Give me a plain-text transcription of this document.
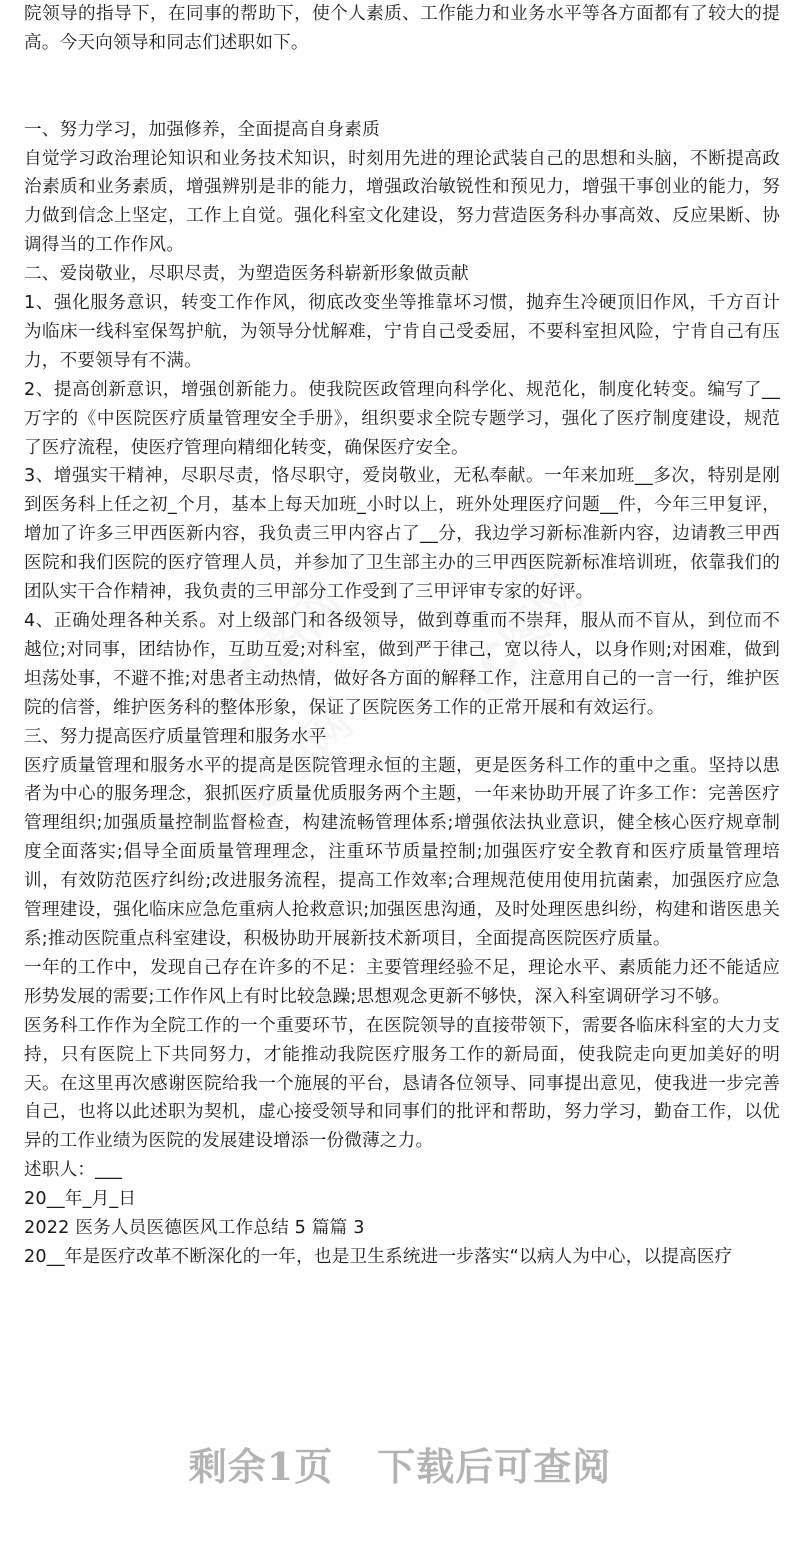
院领导的指导下，在同事的帮助下，使个人素质、工作能力和业务水平等各方面都有了较大的提高。今天向领导和同志们述职如下。

一、努力学习，加强修养，全面提高自身素质

自觉学习政治理论知识和业务技术知识，时刻用先进的理论武装自己的思想和头脑，不断提高政治素质和业务素质，增强辨别是非的能力，增强政治敏锐性和预见力，增强干事创业的能力，努力做到信念上坚定，工作上自觉。强化科室文化建设，努力营造医务科办事高效、反应果断、协调得当的工作作风。

二、爱岗敬业，尽职尽责，为塑造医务科崭新形象做贡献

1、强化服务意识，转变工作作风，彻底改变坐等推靠坏习惯，抛弃生冷硬顶旧作风，千方百计为临床一线科室保驾护航，为领导分忧解难，宁肯自己受委屈，不要科室担风险，宁肯自己有压力，不要领导有不满。

2、提高创新意识，增强创新能力。使我院医政管理向科学化、规范化，制度化转变。编写了__万字的《中医院医疗质量管理安全手册》，组织要求全院专题学习，强化了医疗制度建设，规范了医疗流程，使医疗管理向精细化转变，确保医疗安全。

3、增强实干精神，尽职尽责，恪尽职守，爱岗敬业，无私奉献。一年来加班__多次，特别是刚到医务科上任之初_个月，基本上每天加班_小时以上，班外处理医疗问题__件，今年三甲复评，增加了许多三甲西医新内容，我负责三甲内容占了__分，我边学习新标准新内容，边请教三甲西医院和我们医院的医疗管理人员，并参加了卫生部主办的三甲西医院新标准培训班，依靠我们的团队实干合作精神，我负责的三甲部分工作受到了三甲评审专家的好评。

4、正确处理各种关系。对上级部门和各级领导，做到尊重而不崇拜，服从而不盲从，到位而不越位;对同事，团结协作，互助互爱;对科室，做到严于律己，宽以待人，以身作则;对困难，做到坦荡处事，不避不推;对患者主动热情，做好各方面的解释工作，注意用自己的一言一行，维护医院的信誉，维护医务科的整体形象，保证了医院医务工作的正常开展和有效运行。

三、努力提高医疗质量管理和服务水平

医疗质量管理和服务水平的提高是医院管理永恒的主题，更是医务科工作的重中之重。坚持以患者为中心的服务理念，狠抓医疗质量优质服务两个主题，一年来协助开展了许多工作：完善医疗管理组织;加强质量控制监督检查，构建流畅管理体系;增强依法执业意识，健全核心医疗规章制度全面落实;倡导全面质量管理理念，注重环节质量控制;加强医疗安全教育和医疗质量管理培训，有效防范医疗纠纷;改进服务流程，提高工作效率;合理规范使用使用抗菌素，加强医疗应急管理建设，强化临床应急危重病人抢救意识;加强医患沟通，及时处理医患纠纷，构建和谐医患关系;推动医院重点科室建设，积极协助开展新技术新项目，全面提高医院医疗质量。

一年的工作中，发现自己存在许多的不足：主要管理经验不足，理论水平、素质能力还不能适应形势发展的需要;工作作风上有时比较急躁;思想观念更新不够快，深入科室调研学习不够。

医务科工作作为全院工作的一个重要环节，在医院领导的直接带领下，需要各临床科室的大力支持，只有医院上下共同努力，才能推动我院医疗服务工作的新局面，使我院走向更加美好的明天。在这里再次感谢医院给我一个施展的平台，恳请各位领导、同事提出意见，使我进一步完善自己，也将以此述职为契机，虚心接受领导和同事们的批评和帮助，努力学习，勤奋工作，以优异的工作业绩为医院的发展建设增添一份微薄之力。

述职人：___

20__年_月_日

2022 医务人员医德医风工作总结 5 篇篇 3

20__年是医疗改革不断深化的一年，也是卫生系统进一步落实“以病人为中心，以提高医疗

剩余1页 下载后可查阅
